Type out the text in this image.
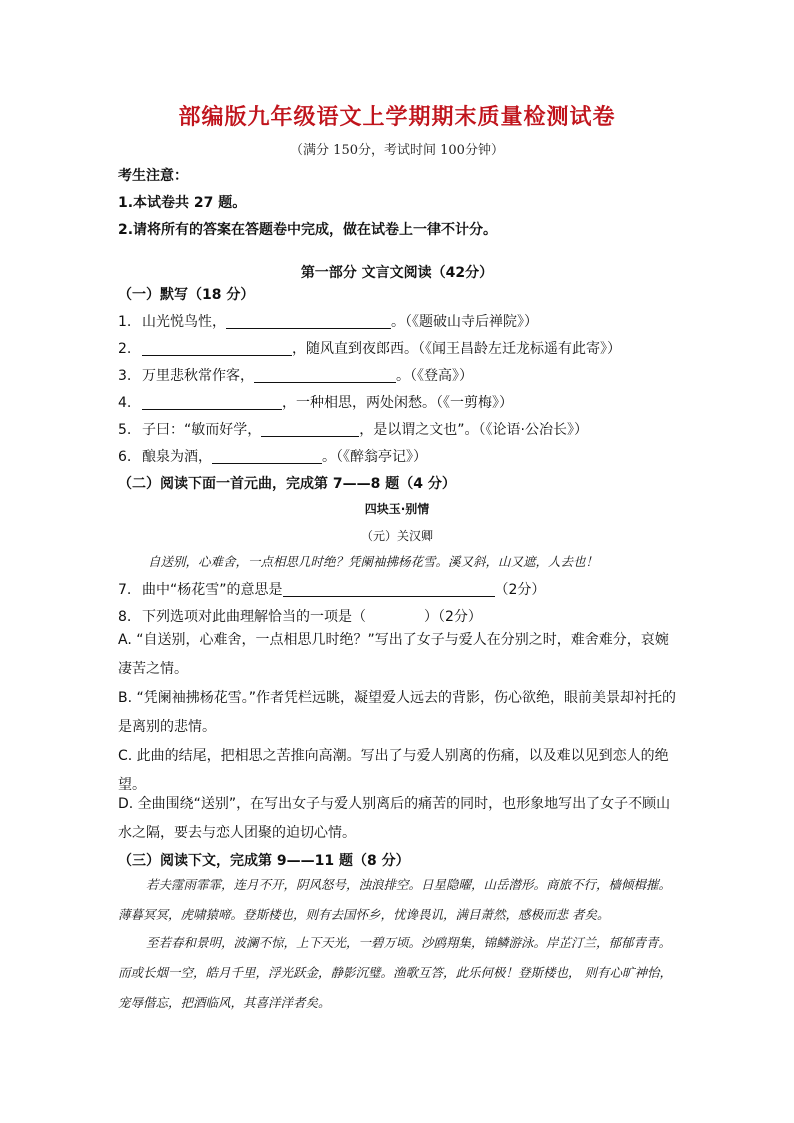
部编版九年级语文上学期期末质量检测试卷
（满分 150分，考试时间 100分钟）
考生注意：
1.本试卷共 27 题。
2.请将所有的答案在答题卷中完成，做在试卷上一律不计分。
第一部分 文言文阅读（42分）
（一）默写（18 分）
1. 山光悦鸟性，	。（《题破山寺后禅院》）
2.	，随风直到夜郎西。（《闻王昌龄左迁龙标遥有此寄》）
3. 万里悲秋常作客，	。（《登高》）
4.	，一种相思，两处闲愁。（《一剪梅》）
5. 子曰：“敏而好学，	，是以谓之文也”。（《论语·公冶长》）
6. 酿泉为酒，	。（《醉翁亭记》）
（二）阅读下面一首元曲，完成第 7——8 题（4 分）
四块玉·别情
（元）关汉卿
自送别，心难舍，一点相思几时绝？凭阑袖拂杨花雪。溪又斜，山又遮，人去也！
7. 曲中“杨花雪”的意思是	（2分）
8. 下列选项对此曲理解恰当的一项是（	）（2分）
A. “自送别，心难舍，一点相思几时绝？”写出了女子与爱人在分别之时，难舍难分，哀婉凄苦之情。
B. “凭阑袖拂杨花雪。”作者凭栏远眺，凝望爱人远去的背影，伤心欲绝，眼前美景却衬托的是离别的悲情。
C. 此曲的结尾，把相思之苦推向高潮。写出了与爱人别离的伤痛，以及难以见到恋人的绝望。
D. 全曲围绕“送别”，在写出女子与爱人别离后的痛苦的同时，也形象地写出了女子不顾山水之隔，要去与恋人团聚的迫切心情。
（三）阅读下文，完成第 9——11 题（8 分）
若夫霪雨霏霏，连月不开，阴风怒号，浊浪排空。日星隐曜，山岳潜形。商旅不行，樯倾楫摧。薄暮冥冥，虎啸猿啼。登斯楼也，则有去国怀乡，忧谗畏讥，满目萧然，感极而悲 者矣。
至若春和景明，波澜不惊，上下天光，一碧万顷。沙鸥翔集，锦鳞游泳。岸芷汀兰，郁郁青青。而或长烟一空，皓月千里，浮光跃金，静影沉璧。渔歌互答，此乐何极！登斯楼也， 则有心旷神怡，宠辱偕忘，把酒临风，其喜洋洋者矣。
